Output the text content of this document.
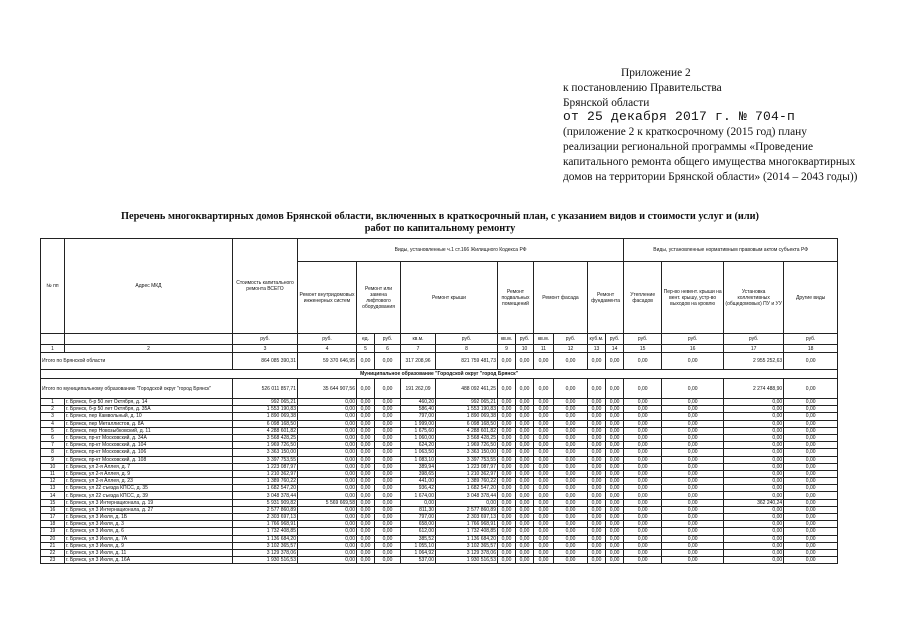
Приложение 2
к постановлению Правительства
Брянской области
от 25 декабря 2017 г. № 704-п
(приложение 2 к краткосрочному (2015 год) плану реализации региональной программы «Проведение капитального ремонта общего имущества многоквартирных домов на территории Брянской области» (2014 – 2043 годы))
Перечень многоквартирных домов Брянской области, включенных в краткосрочный план, с указанием видов и стоимости услуг и (или)
работ по капитальному ремонту
№ пп	Адрес МКД	Стоимость капитального ремонта ВСЕГО	Виды, установленные ч.1 ст.166 Жилищного Кодекса РФ											Виды, установленные нормативным правовым актом субъекта РФ			
			Ремонт внутридомовых инженерных систем	Ремонт или замена лифтового оборудования		Ремонт крыши		Ремонт подвальных помещений		Ремонт фасада		Ремонт фундамента		Утепление фасадов	Пер-во невент. крыши на вент. крышу, устр-во выходов на кровлю	Установка коллективных (общедомовых) ПУ и УУ	Другие виды
		руб.	руб.	ед.	руб.	кв.м.	руб.	кв.м.	руб.	кв.м.	руб.	куб.м.	руб.	руб.	руб.	руб.	руб.
1	2	3	4	5	6	7	8	9	10	11	12	13	14	15	16	17	18
Итого по Брянской области		864 085 390,31	59 370 646,95	0,00	0,00	317 208,96	821 759 481,73	0,00	0,00	0,00	0,00	0,00	0,00	0,00	0,00	2 955 252,63	0,00
Муниципальное образование "Городской округ "город Брянск"																	
Итого по муниципальному образованию "Городской округ "город Брянск"		526 011 857,71	35 644 907,56	0,00	0,00	191 262,09	488 092 461,25	0,00	0,00	0,00	0,00	0,00	0,00	0,00	0,00	2 274 488,90	0,00
1	г. Брянск, б-р 50 лет Октября, д. 14	992 065,21	0,00	0,00	0,00	460,20	992 065,21	0,00	0,00	0,00	0,00	0,00	0,00	0,00	0,00	0,00	0,00
2	г. Брянск, б-р 50 лет Октября, д. 35А	1 553 190,83	0,00	0,00	0,00	586,40	1 553 190,83	0,00	0,00	0,00	0,00	0,00	0,00	0,00	0,00	0,00	0,00
3	г. Брянск, пер Камвольный, д. 10	1 890 069,38	0,00	0,00	0,00	797,00	1 890 069,38	0,00	0,00	0,00	0,00	0,00	0,00	0,00	0,00	0,00	0,00
4	г. Брянск, пер Металлистов, д. 8А	6 098 168,50	0,00	0,00	0,00	1 999,00	6 098 168,50	0,00	0,00	0,00	0,00	0,00	0,00	0,00	0,00	0,00	0,00
5	г. Брянск, пер Новозыбковский, д. 11	4 288 601,82	0,00	0,00	0,00	1 675,60	4 288 601,82	0,00	0,00	0,00	0,00	0,00	0,00	0,00	0,00	0,00	0,00
6	г. Брянск, пр-кт Московский, д. 34А	3 568 428,25	0,00	0,00	0,00	1 060,00	3 568 428,25	0,00	0,00	0,00	0,00	0,00	0,00	0,00	0,00	0,00	0,00
7	г. Брянск, пр-кт Московский, д. 104	1 969 726,50	0,00	0,00	0,00	624,20	1 969 726,50	0,00	0,00	0,00	0,00	0,00	0,00	0,00	0,00	0,00	0,00
8	г. Брянск, пр-кт Московский, д. 106	3 363 150,00	0,00	0,00	0,00	1 063,50	3 363 150,00	0,00	0,00	0,00	0,00	0,00	0,00	0,00	0,00	0,00	0,00
9	г. Брянск, пр-кт Московский, д. 108	3 397 753,55	0,00	0,00	0,00	1 083,10	3 397 753,55	0,00	0,00	0,00	0,00	0,00	0,00	0,00	0,00	0,00	0,00
10	г. Брянск, ул 2-я Аллея, д. 7	1 223 087,97	0,00	0,00	0,00	389,94	1 223 087,97	0,00	0,00	0,00	0,00	0,00	0,00	0,00	0,00	0,00	0,00
11	г. Брянск, ул 2-я Аллея, д. 9	1 210 362,97	0,00	0,00	0,00	398,65	1 210 362,97	0,00	0,00	0,00	0,00	0,00	0,00	0,00	0,00	0,00	0,00
12	г. Брянск, ул 2-я Аллея, д. 23	1 389 760,22	0,00	0,00	0,00	441,00	1 389 760,22	0,00	0,00	0,00	0,00	0,00	0,00	0,00	0,00	0,00	0,00
13	г. Брянск, ул 22 съезда КПСС, д. 35	1 682 547,20	0,00	0,00	0,00	936,42	1 682 547,20	0,00	0,00	0,00	0,00	0,00	0,00	0,00	0,00	0,00	0,00
14	г. Брянск, ул 22 съезда КПСС, д. 39	3 048 378,44	0,00	0,00	0,00	1 674,00	3 048 378,44	0,00	0,00	0,00	0,00	0,00	0,00	0,00	0,00	0,00	0,00
15	г. Брянск, ул 3 Интернационала, д. 19	5 931 909,82	5 569 669,58	0,00	0,00	0,00	0,00	0,00	0,00	0,00	0,00	0,00	0,00	0,00	0,00	362 240,24	0,00
16	г. Брянск, ул 3 Интернационала, д. 27	2 577 860,89	0,00	0,00	0,00	811,30	2 577 860,89	0,00	0,00	0,00	0,00	0,00	0,00	0,00	0,00	0,00	0,00
17	г. Брянск, ул 3 Июля, д. 1Б	2 303 697,13	0,00	0,00	0,00	797,00	2 303 697,13	0,00	0,00	0,00	0,00	0,00	0,00	0,00	0,00	0,00	0,00
18	г. Брянск, ул 3 Июля, д. 3	1 766 968,91	0,00	0,00	0,00	658,00	1 766 968,91	0,00	0,00	0,00	0,00	0,00	0,00	0,00	0,00	0,00	0,00
19	г. Брянск, ул 3 Июля, д. 6	1 732 408,85	0,00	0,00	0,00	612,00	1 732 408,85	0,00	0,00	0,00	0,00	0,00	0,00	0,00	0,00	0,00	0,00
20	г. Брянск, ул 3 Июля, д. 7А	1 136 684,20	0,00	0,00	0,00	385,52	1 136 684,20	0,00	0,00	0,00	0,00	0,00	0,00	0,00	0,00	0,00	0,00
21	г. Брянск, ул 3 Июля, д. 9	3 102 365,57	0,00	0,00	0,00	1 055,10	3 102 365,57	0,00	0,00	0,00	0,00	0,00	0,00	0,00	0,00	0,00	0,00
22	г. Брянск, ул 3 Июля, д. 11	3 129 378,06	0,00	0,00	0,00	1 064,92	3 129 378,06	0,00	0,00	0,00	0,00	0,00	0,00	0,00	0,00	0,00	0,00
23	г. Брянск, ул 3 Июля, д. 16А	1 930 516,53	0,00	0,00	0,00	537,00	1 930 516,53	0,00	0,00	0,00	0,00	0,00	0,00	0,00	0,00	0,00	0,00
